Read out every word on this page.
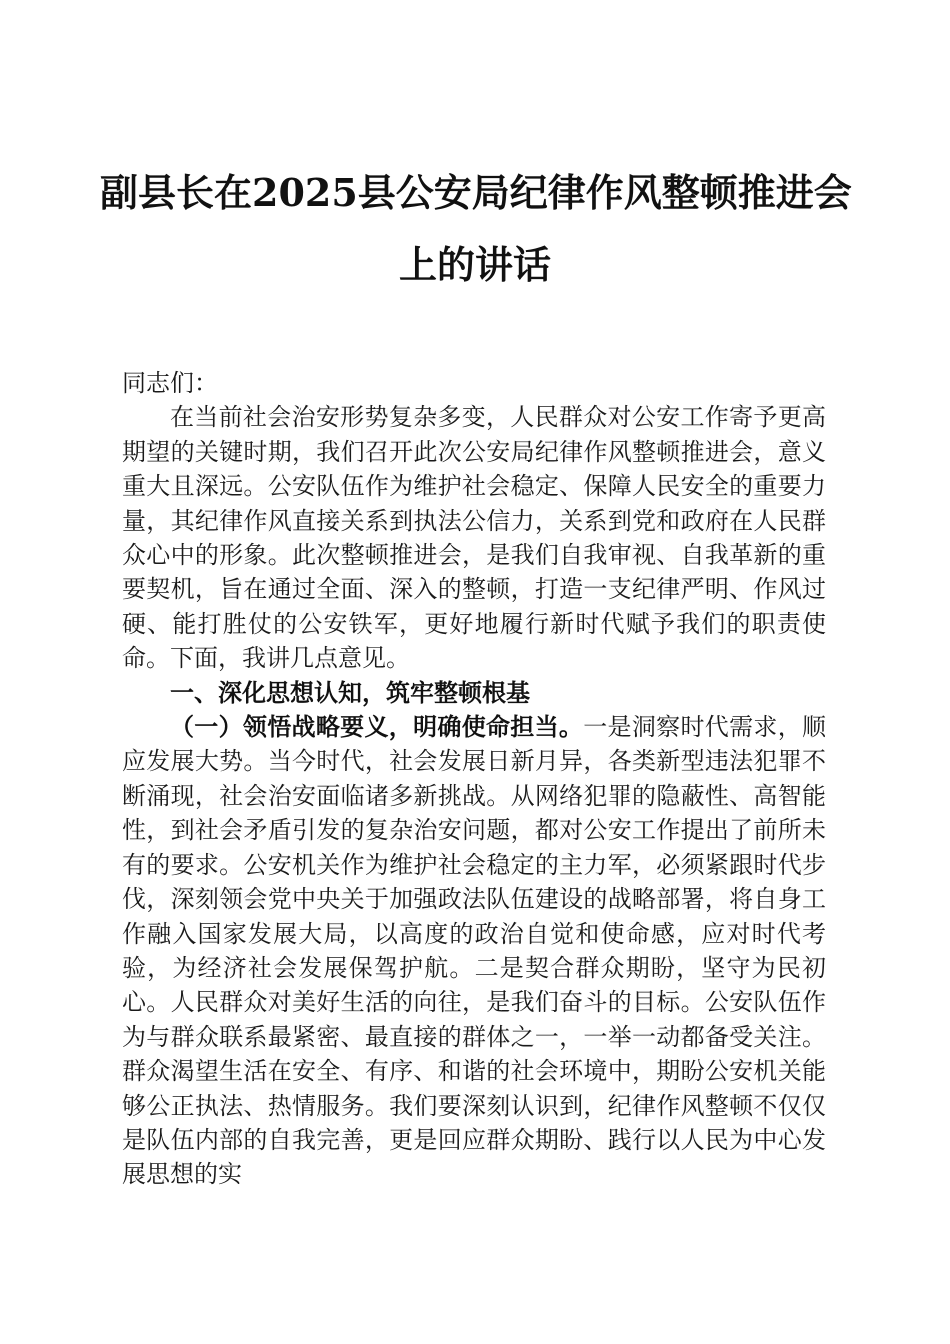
副县长在2025县公安局纪律作风整顿推进会
上的讲话

同志们：

在当前社会治安形势复杂多变，人民群众对公安工作寄予更高期望的关键时期，我们召开此次公安局纪律作风整顿推进会，意义重大且深远。公安队伍作为维护社会稳定、保障人民安全的重要力量，其纪律作风直接关系到执法公信力，关系到党和政府在人民群众心中的形象。此次整顿推进会，是我们自我审视、自我革新的重要契机，旨在通过全面、深入的整顿，打造一支纪律严明、作风过硬、能打胜仗的公安铁军，更好地履行新时代赋予我们的职责使命。下面，我讲几点意见。

一、深化思想认知，筑牢整顿根基

（一）领悟战略要义，明确使命担当。一是洞察时代需求，顺应发展大势。当今时代，社会发展日新月异，各类新型违法犯罪不断涌现，社会治安面临诸多新挑战。从网络犯罪的隐蔽性、高智能性，到社会矛盾引发的复杂治安问题，都对公安工作提出了前所未有的要求。公安机关作为维护社会稳定的主力军，必须紧跟时代步伐，深刻领会党中央关于加强政法队伍建设的战略部署，将自身工作融入国家发展大局，以高度的政治自觉和使命感，应对时代考验，为经济社会发展保驾护航。二是契合群众期盼，坚守为民初心。人民群众对美好生活的向往，是我们奋斗的目标。公安队伍作为与群众联系最紧密、最直接的群体之一，一举一动都备受关注。群众渴望生活在安全、有序、和谐的社会环境中，期盼公安机关能够公正执法、热情服务。我们要深刻认识到，纪律作风整顿不仅仅是队伍内部的自我完善，更是回应群众期盼、践行以人民为中心发展思想的实
